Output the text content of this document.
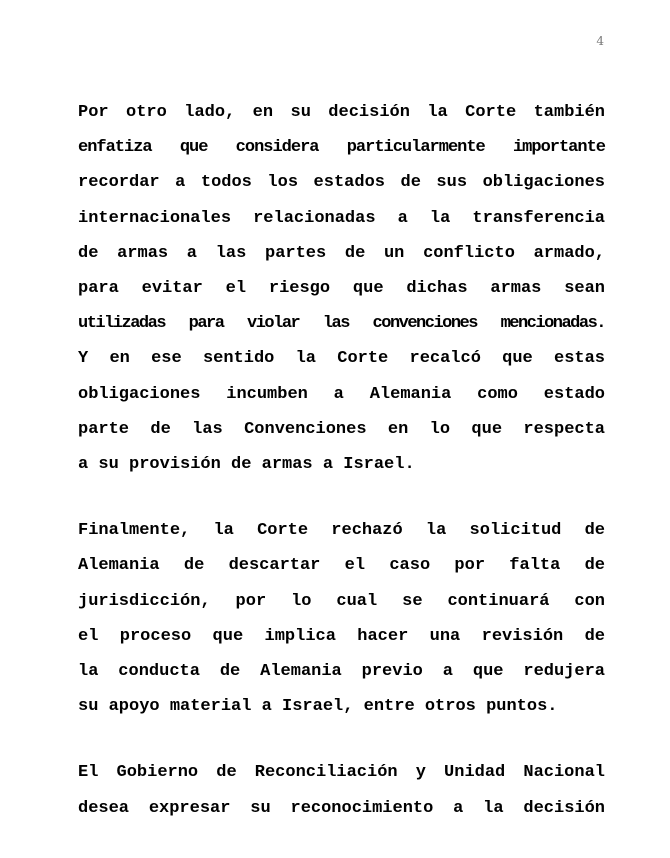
4
Por otro lado, en su decisión la Corte también
enfatiza que considera particularmente importante
recordar a todos los estados de sus obligaciones
internacionales relacionadas a la transferencia
de armas a las partes de un conflicto armado,
para evitar el riesgo que dichas armas sean
utilizadas para violar las convenciones mencionadas.
Y en ese sentido la Corte recalcó que estas
obligaciones incumben a Alemania como estado
parte de las Convenciones en lo que respecta
a su provisión de armas a Israel.
Finalmente, la Corte rechazó la solicitud de
Alemania de descartar el caso por falta de
jurisdicción, por lo cual se continuará con
el proceso que implica hacer una revisión de
la conducta de Alemania previo a que redujera
su apoyo material a Israel, entre otros puntos.
El Gobierno de Reconciliación y Unidad Nacional
desea expresar su reconocimiento a la decisión
